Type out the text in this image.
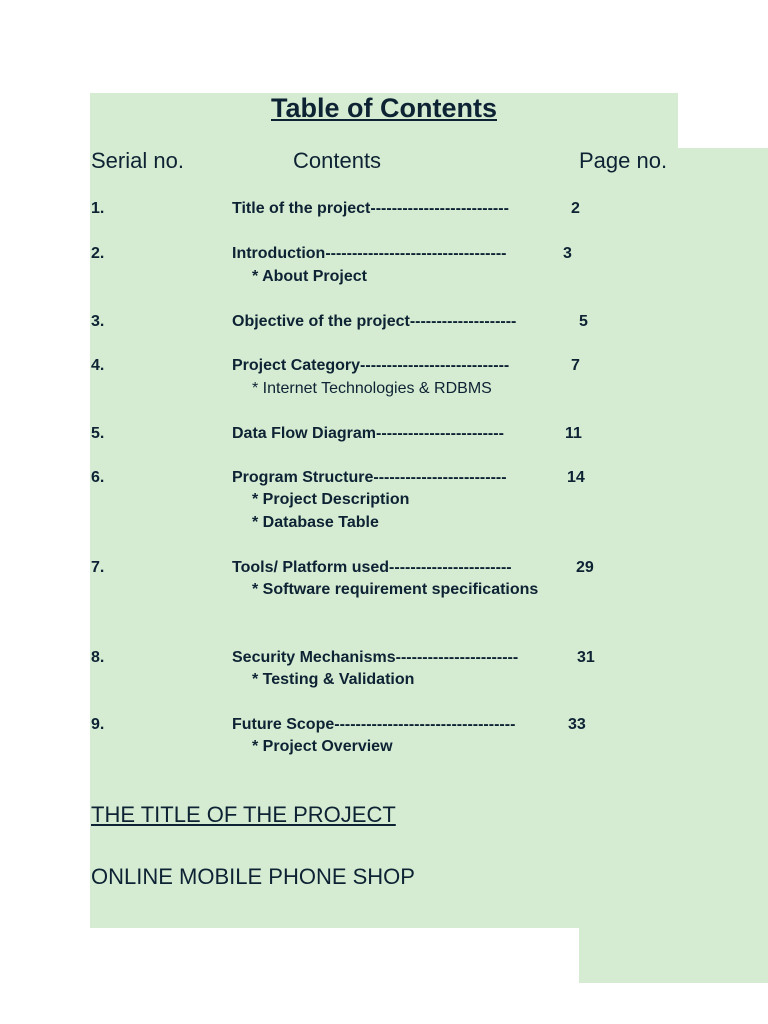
Table of Contents
Serial no.	Contents	Page no.
1.	Title of the project--------------------------	2
2.	Introduction----------------------------------	3
* About Project
3.	Objective of the project--------------------	5
4.	Project Category----------------------------	7
* Internet Technologies & RDBMS
5.	Data Flow Diagram------------------------	11
6.	Program Structure-------------------------	14
* Project Description
* Database Table
7.	Tools/ Platform used-----------------------	29
* Software requirement specifications
8.	Security Mechanisms-----------------------	31
* Testing & Validation
9.	Future Scope----------------------------------	33
* Project Overview
THE TITLE OF THE PROJECT
ONLINE MOBILE PHONE SHOP
